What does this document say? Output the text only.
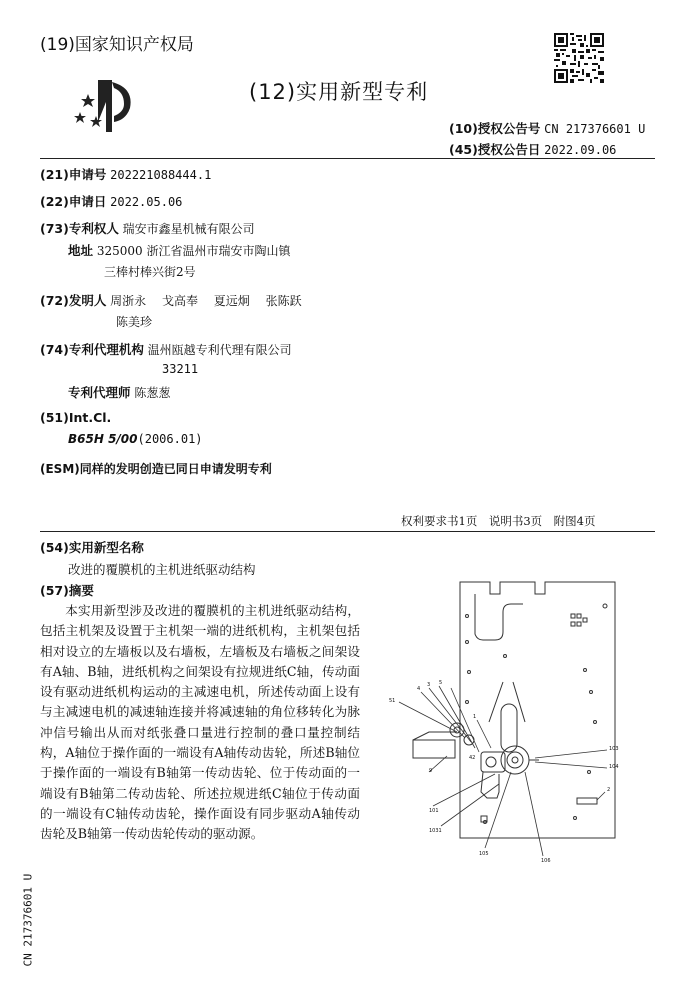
(19)国家知识产权局
(12)实用新型专利
(10)授权公告号 CN 217376601 U
(45)授权公告日 2022.09.06
(21)申请号 202221088444.1
(22)申请日 2022.05.06
(73)专利权人 瑞安市鑫星机械有限公司
地址 325000 浙江省温州市瑞安市陶山镇
三棒村棒兴街2号
(72)发明人 周浙永　 戈高奉　 夏远炯　 张陈跃
陈美珍
(74)专利代理机构 温州瓯越专利代理有限公司
33211
专利代理师 陈葱葱
(51)Int.Cl.
B65H 5/00(2006.01)
(ESM)同样的发明创造已同日申请发明专利
权利要求书1页　说明书3页　附图4页
(54)实用新型名称
改进的覆膜机的主机进纸驱动结构
(57)摘要

本实用新型涉及改进的覆膜机的主机进纸驱动结构，包括主机架及设置于主机架一端的进纸机构，主机架包括相对设立的左墙板以及右墙板，左墙板及右墙板之间架设有A轴、B轴，进纸机构之间架设有拉规进纸C轴，传动面设有驱动进纸机构运动的主减速电机，所述传动面上设有与主减速电机的减速轴连接并将减速轴的角位移转化为脉冲信号输出从而对纸张叠口量进行控制的叠口量控制结构，A轴位于操作面的一端设有A轴传动齿轮，所述B轴位于操作面的一端设有B轴第一传动齿轮、位于传动面的一端设有B轴第二传动齿轮、所述拉规进纸C轴位于传动面的一端设有C轴传动齿轮，操作面设有同步驱动A轴传动齿轮及B轴第一传动齿轮传动的驱动源。

CN 217376601 U
51
4
3 5
42
1
9
101
103
104
2
1031
105
106
